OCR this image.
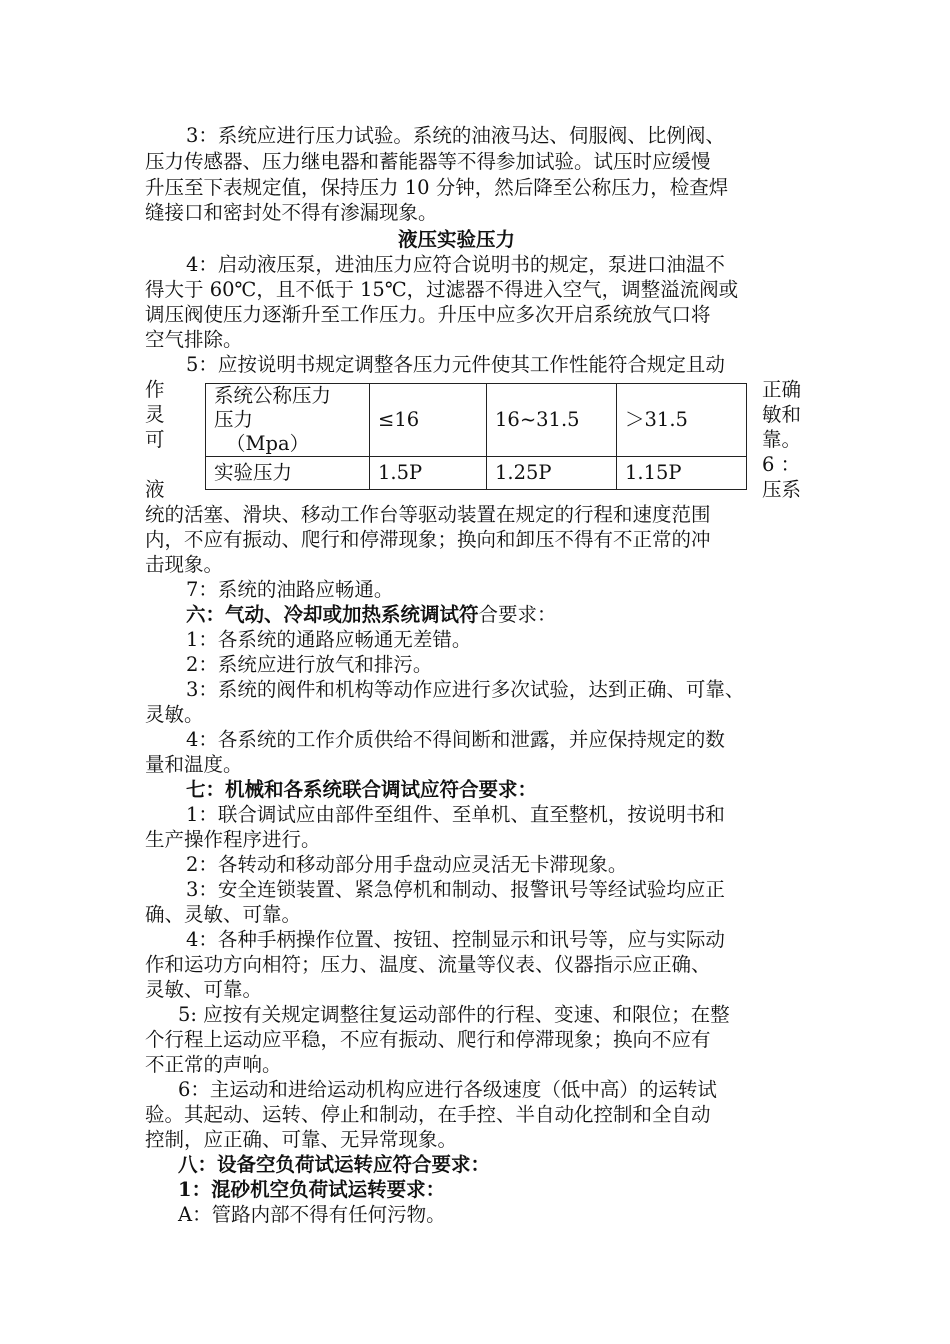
3：系统应进行压力试验。系统的油液马达、伺服阀、比例阀、
压力传感器、压力继电器和蓄能器等不得参加试验。试压时应缓慢
升压至下表规定值，保持压力 10 分钟，然后降至公称压力，检查焊
缝接口和密封处不得有渗漏现象。
液压实验压力
4：启动液压泵，进油压力应符合说明书的规定，泵进口油温不
得大于 60℃，且不低于 15℃，过滤器不得进入空气，调整溢流阀或
调压阀使压力逐渐升至工作压力。升压中应多次开启系统放气口将
空气排除。
5：应按说明书规定调整各压力元件使其工作性能符合规定且动
作
灵
可
液
正确
敏和
靠。
6 ：
压系
系统公称压力
压力
（Mpa）	≤16	16~31.5	＞31.5
实验压力	1.5P	1.25P	1.15P
统的活塞、滑块、移动工作台等驱动装置在规定的行程和速度范围
内，不应有振动、爬行和停滞现象；换向和卸压不得有不正常的冲
击现象。
7：系统的油路应畅通。
六：气动、冷却或加热系统调试符合要求：
1：各系统的通路应畅通无差错。
2：系统应进行放气和排污。
3：系统的阀件和机构等动作应进行多次试验，达到正确、可靠、
灵敏。
4：各系统的工作介质供给不得间断和泄露，并应保持规定的数
量和温度。
七：机械和各系统联合调试应符合要求：
1：联合调试应由部件至组件、至单机、直至整机，按说明书和
生产操作程序进行。
2：各转动和移动部分用手盘动应灵活无卡滞现象。
3：安全连锁装置、紧急停机和制动、报警讯号等经试验均应正
确、灵敏、可靠。
4：各种手柄操作位置、按钮、控制显示和讯号等，应与实际动
作和运功方向相符；压力、温度、流量等仪表、仪器指示应正确、
灵敏、可靠。
5: 应按有关规定调整往复运动部件的行程、变速、和限位；在整
个行程上运动应平稳，不应有振动、爬行和停滞现象；换向不应有
不正常的声响。
6：主运动和进给运动机构应进行各级速度（低中高）的运转试
验。其起动、运转、停止和制动，在手控、半自动化控制和全自动
控制，应正确、可靠、无异常现象。
八：设备空负荷试运转应符合要求：
1：混砂机空负荷试运转要求：
A：管路内部不得有任何污物。
